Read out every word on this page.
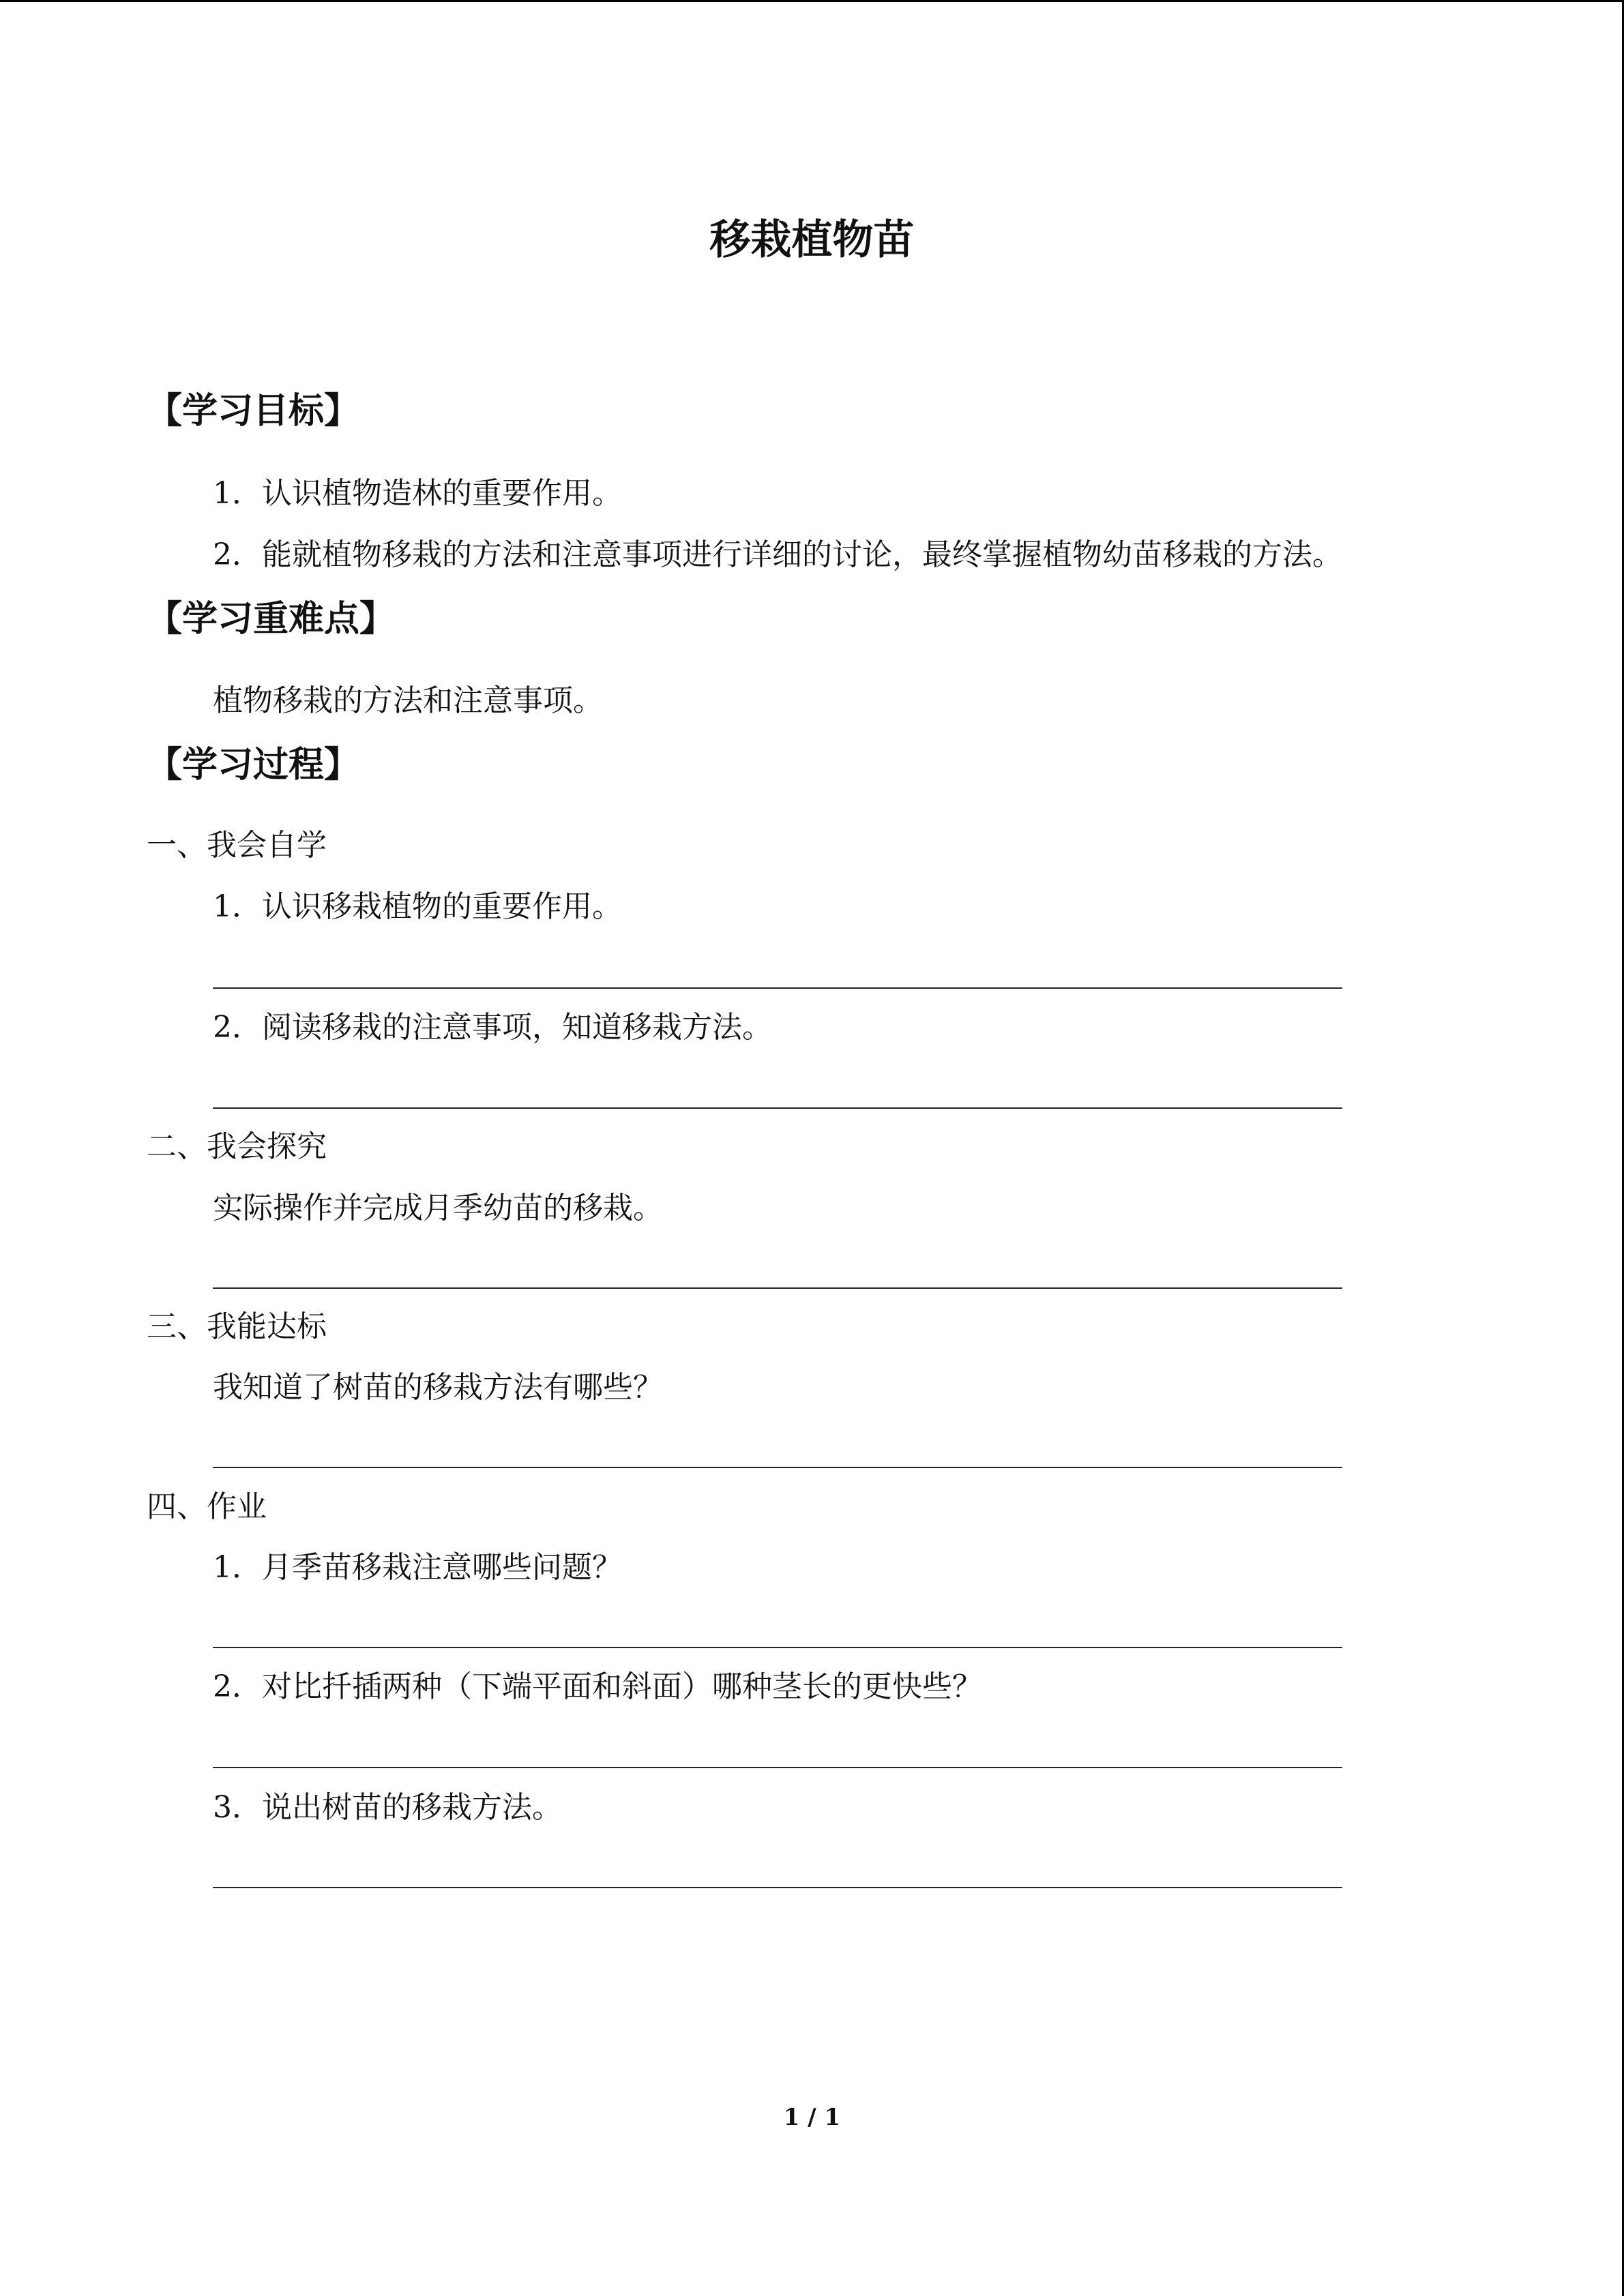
移栽植物苗
【学习目标】
1．认识植物造林的重要作用。
2．能就植物移栽的方法和注意事项进行详细的讨论，最终掌握植物幼苗移栽的方法。
【学习重难点】
植物移栽的方法和注意事项。
【学习过程】
一、我会自学
1．认识移栽植物的重要作用。
2．阅读移栽的注意事项，知道移栽方法。
二、我会探究
实际操作并完成月季幼苗的移栽。
三、我能达标
我知道了树苗的移栽方法有哪些？
四、作业
1．月季苗移栽注意哪些问题？
2．对比扦插两种（下端平面和斜面）哪种茎长的更快些？
3．说出树苗的移栽方法。
1 / 1
